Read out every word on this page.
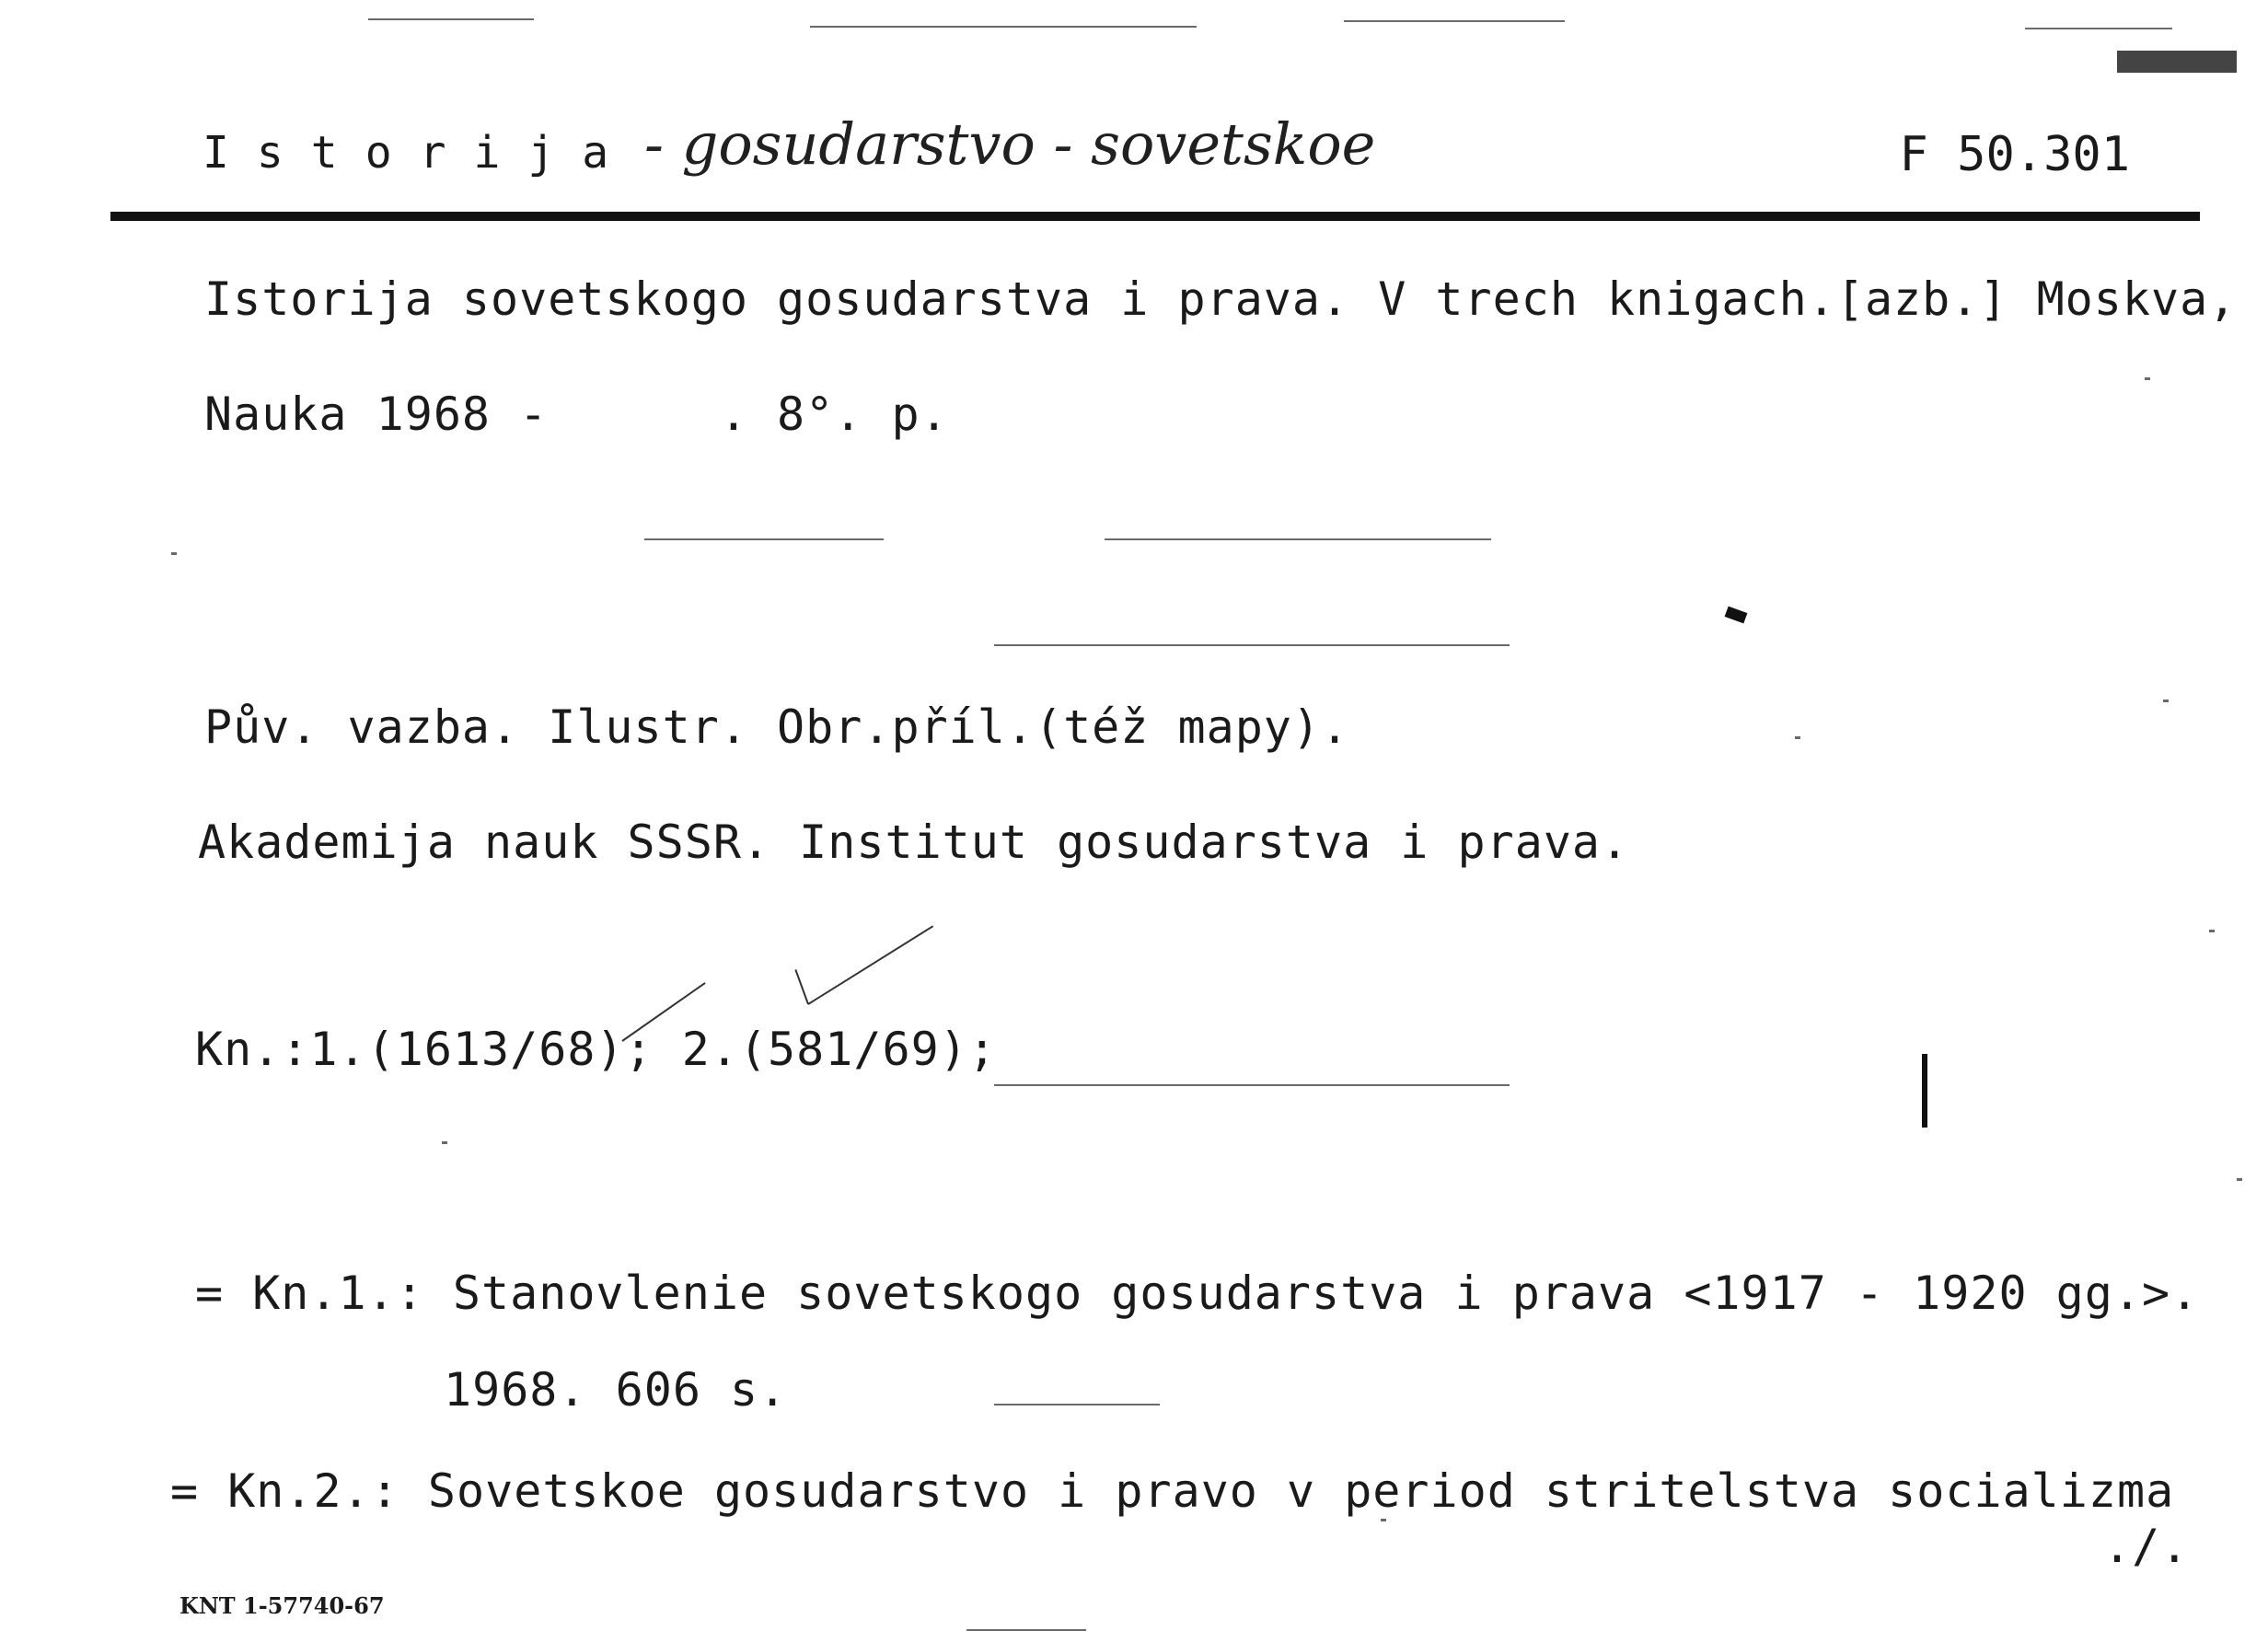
Istorija - gosudarstvo - sovetskoe	F 50.301
Istorija sovetskogo gosudarstva i prava. V trech knigach.[azb.] Moskva,
Nauka 1968 -      . 8°. p.
Pův. vazba. Ilustr. Obr.příl.(též mapy).
Akademija nauk SSSR. Institut gosudarstva i prava.
Kn.:1.(1613/68); 2.(581/69);
= Kn.1.: Stanovlenie sovetskogo gosudarstva i prava <1917 - 1920 gg.>.
1968. 606 s.
= Kn.2.: Sovetskoe gosudarstvo i pravo v period stritelstva socializma
./.
KNT 1-57740-67
